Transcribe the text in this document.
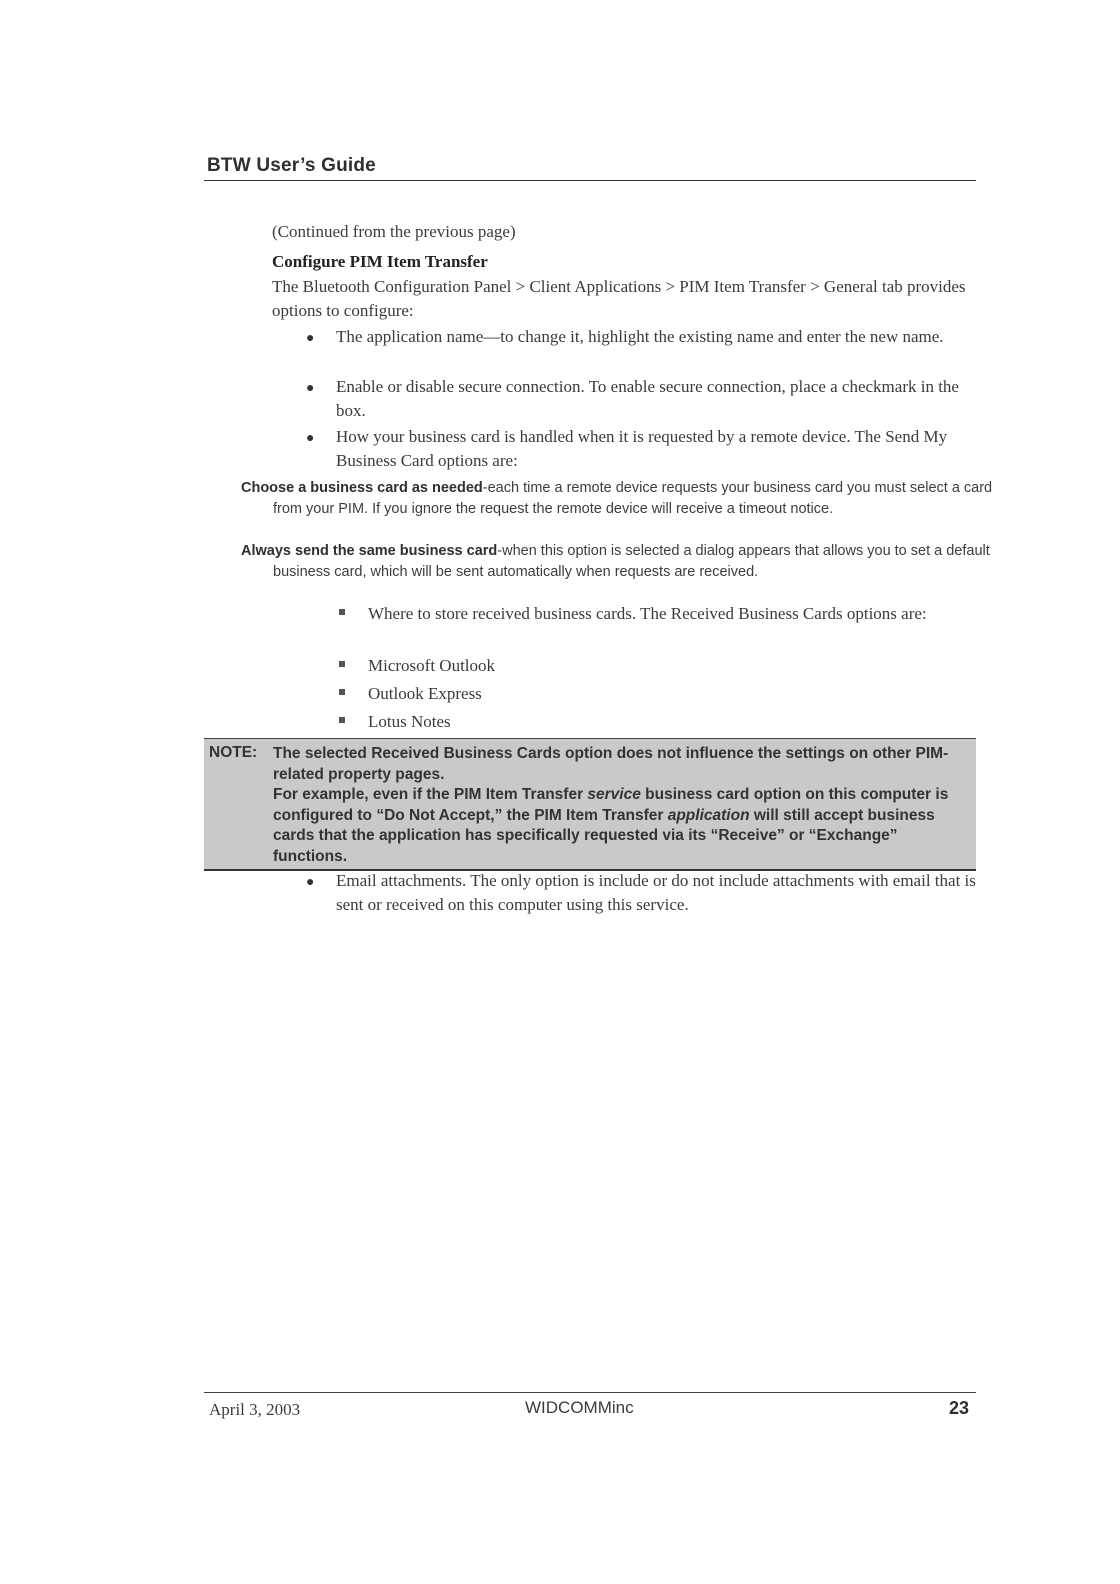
BTW User’s Guide

(Continued from the previous page)

Configure PIM Item Transfer

The Bluetooth Configuration Panel > Client Applications > PIM Item Transfer > General tab provides options to configure:

● The application name—to change it, highlight the existing name and enter the new name.

● Enable or disable secure connection. To enable secure connection, place a checkmark in the box.

● How your business card is handled when it is requested by a remote device. The Send My Business Card options are:

Choose a business card as needed-each time a remote device requests your business card you must select a card from your PIM. If you ignore the request the remote device will receive a timeout notice.

Always send the same business card-when this option is selected a dialog appears that allows you to set a default business card, which will be sent automatically when requests are received.

Where to store received business cards. The Received Business Cards options are:

Microsoft Outlook

Outlook Express

Lotus Notes

NOTE: The selected Received Business Cards option does not influence the settings on other PIM-related property pages.
For example, even if the PIM Item Transfer service business card option on this computer is configured to “Do Not Accept,” the PIM Item Transfer application will still accept business cards that the application has specifically requested via its “Receive” or “Exchange” functions.
● Email attachments. The only option is include or do not include attachments with email that is sent or received on this computer using this service.

April 3, 2003	WIDCOMMinc	23
